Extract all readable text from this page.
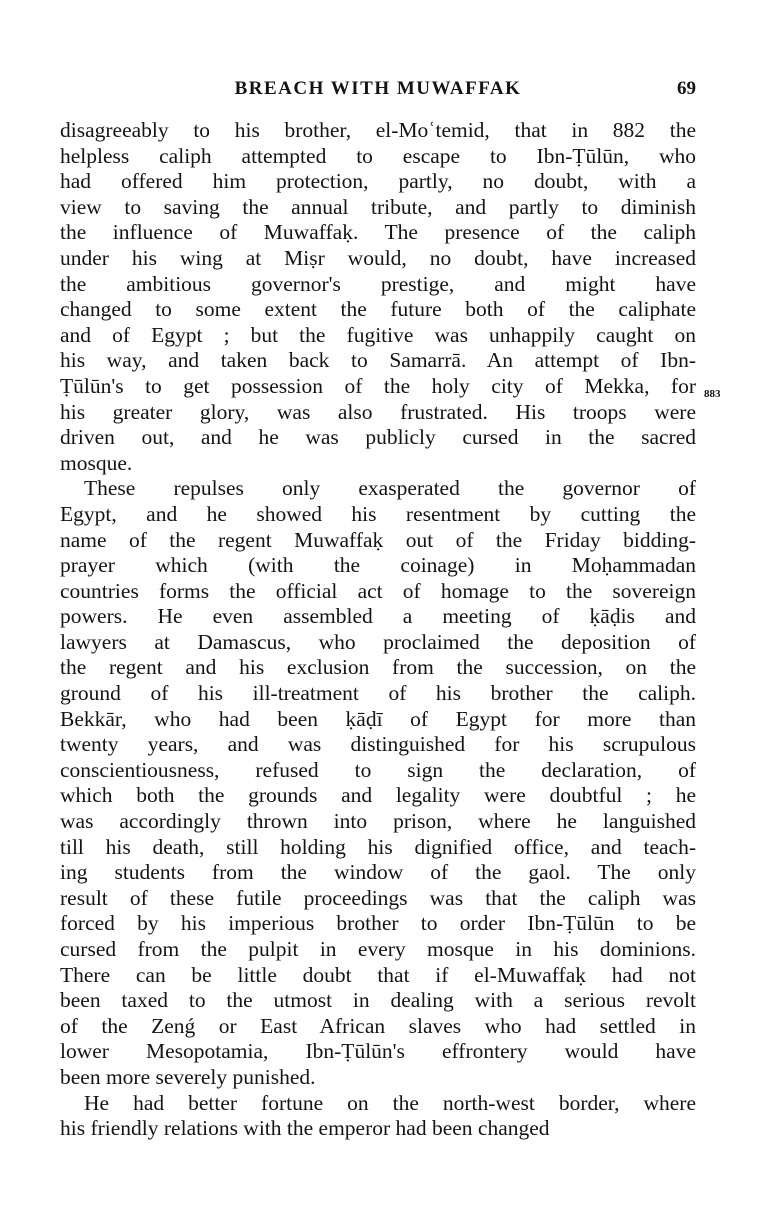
BREACH WITH MUWAFFAK	69
883
disagreeably to his brother, el-Moʿtemid, that in 882 the
helpless caliph attempted to escape to Ibn-Ṭūlūn, who
had offered him protection, partly, no doubt, with a
view to saving the annual tribute, and partly to diminish
the influence of Muwaffaḳ. The presence of the caliph
under his wing at Miṣr would, no doubt, have increased
the ambitious governor's prestige, and might have
changed to some extent the future both of the caliphate
and of Egypt ; but the fugitive was unhappily caught on
his way, and taken back to Samarrā. An attempt of Ibn-
Ṭūlūn's to get possession of the holy city of Mekka, for
his greater glory, was also frustrated. His troops were
driven out, and he was publicly cursed in the sacred
mosque.
These repulses only exasperated the governor of
Egypt, and he showed his resentment by cutting the
name of the regent Muwaffaḳ out of the Friday bidding-
prayer which (with the coinage) in Moḥammadan
countries forms the official act of homage to the sovereign
powers. He even assembled a meeting of ḳāḍis and
lawyers at Damascus, who proclaimed the deposition of
the regent and his exclusion from the succession, on the
ground of his ill-treatment of his brother the caliph.
Bekkār, who had been ḳāḍī of Egypt for more than
twenty years, and was distinguished for his scrupulous
conscientiousness, refused to sign the declaration, of
which both the grounds and legality were doubtful ; he
was accordingly thrown into prison, where he languished
till his death, still holding his dignified office, and teach-
ing students from the window of the gaol. The only
result of these futile proceedings was that the caliph was
forced by his imperious brother to order Ibn-Ṭūlūn to be
cursed from the pulpit in every mosque in his dominions.
There can be little doubt that if el-Muwaffaḳ had not
been taxed to the utmost in dealing with a serious revolt
of the Zenǵ or East African slaves who had settled in
lower Mesopotamia, Ibn-Ṭūlūn's effrontery would have
been more severely punished.
He had better fortune on the north-west border, where
his friendly relations with the emperor had been changed
